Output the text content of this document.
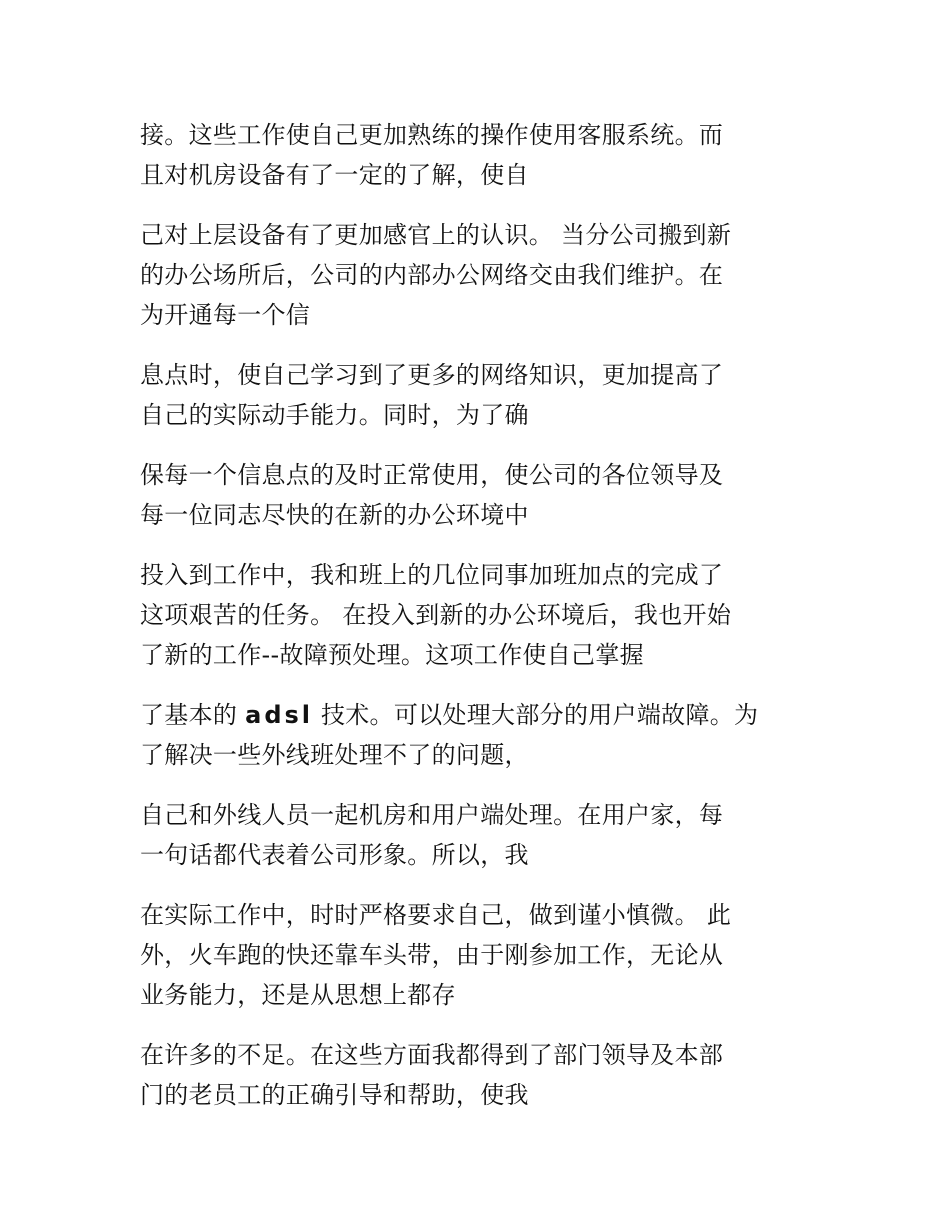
接。这些工作使自己更加熟练的操作使用客服系统。而
且对机房设备有了一定的了解，使自

己对上层设备有了更加感官上的认识。 当分公司搬到新
的办公场所后，公司的内部办公网络交由我们维护。在
为开通每一个信

息点时，使自己学习到了更多的网络知识，更加提高了
自己的实际动手能力。同时，为了确

保每一个信息点的及时正常使用，使公司的各位领导及
每一位同志尽快的在新的办公环境中

投入到工作中，我和班上的几位同事加班加点的完成了
这项艰苦的任务。 在投入到新的办公环境后，我也开始
了新的工作--故障预处理。这项工作使自己掌握

了基本的 adsl 技术。可以处理大部分的用户端故障。为
了解决一些外线班处理不了的问题，

自己和外线人员一起机房和用户端处理。在用户家，每
一句话都代表着公司形象。所以，我

在实际工作中，时时严格要求自己，做到谨小慎微。 此
外，火车跑的快还靠车头带，由于刚参加工作，无论从
业务能力，还是从思想上都存

在许多的不足。在这些方面我都得到了部门领导及本部
门的老员工的正确引导和帮助，使我
